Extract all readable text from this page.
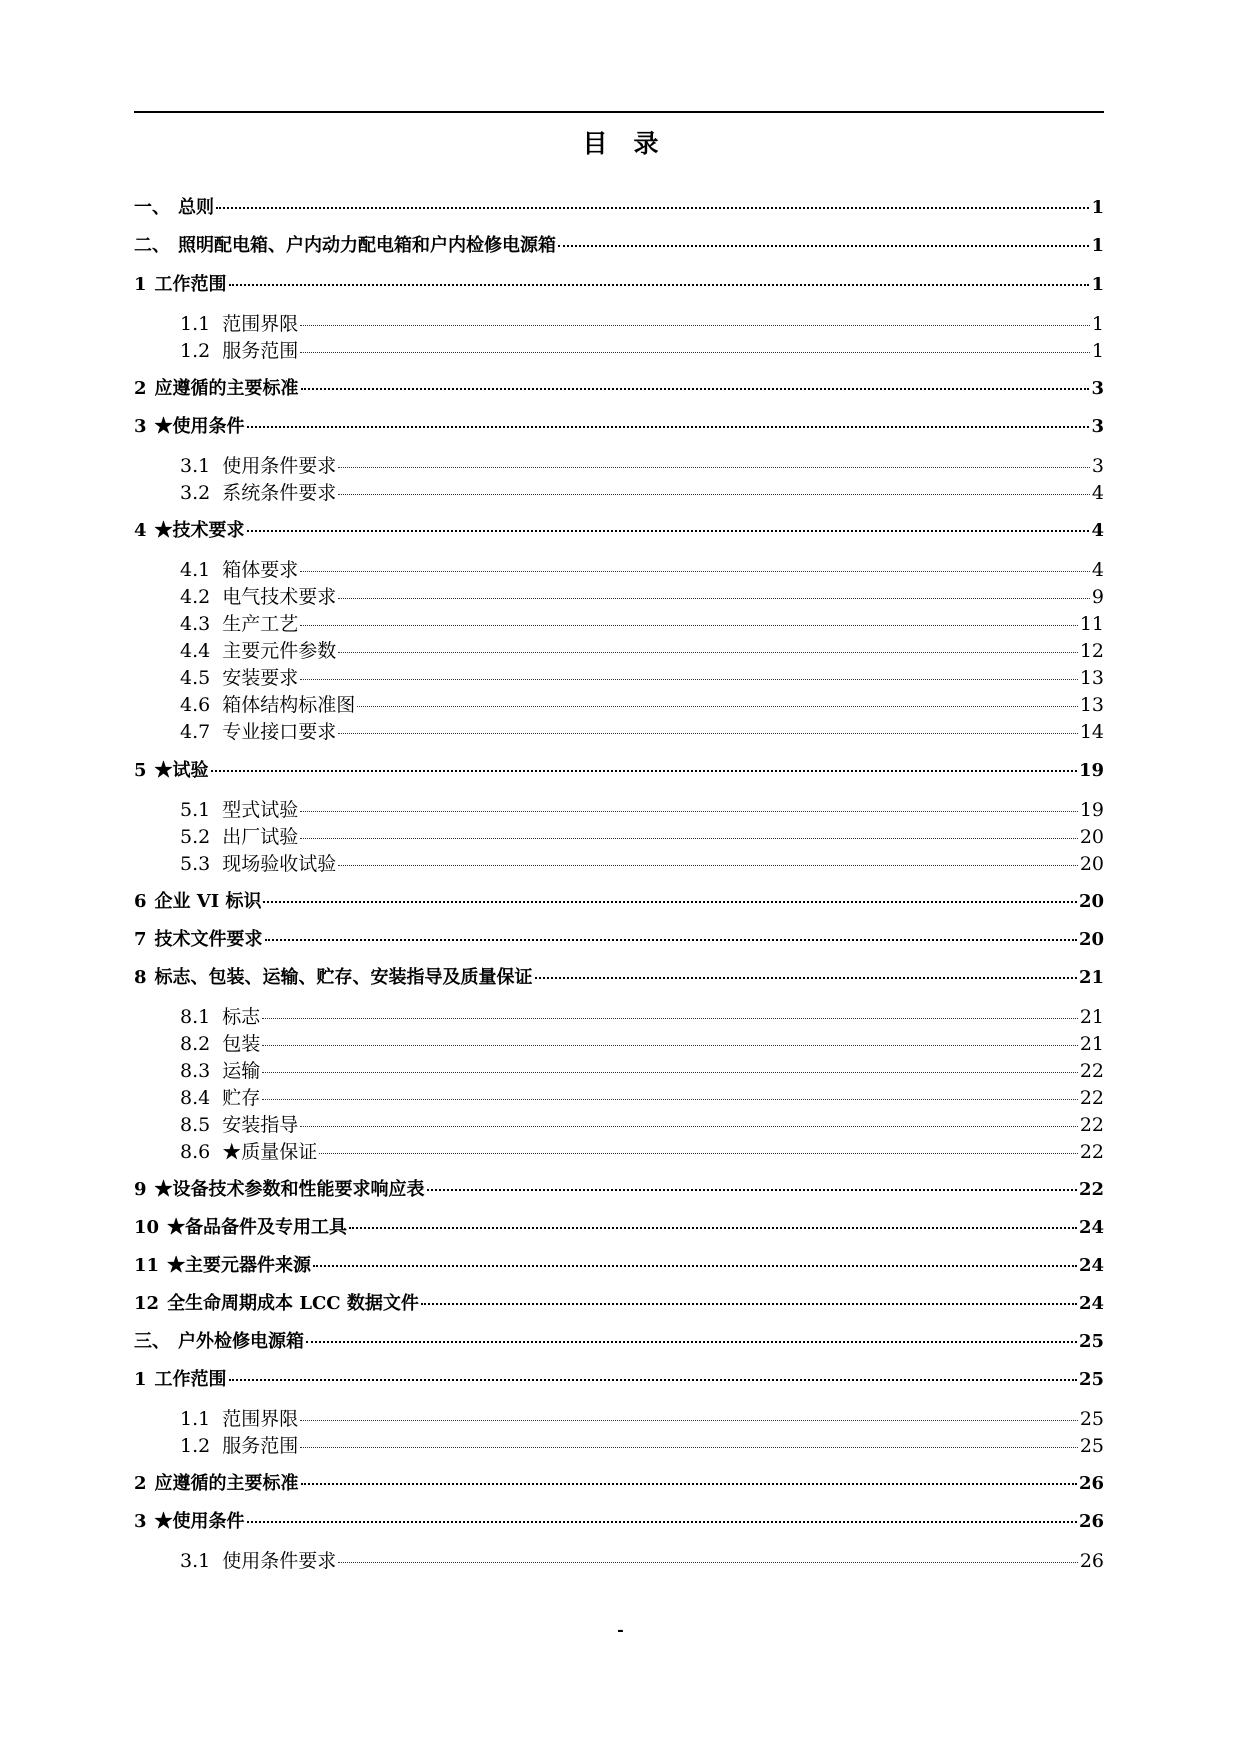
目录
一、 总则	1
二、 照明配电箱、户内动力配电箱和户内检修电源箱	1
1 工作范围	1
1.1 范围界限	1
1.2 服务范围	1
2 应遵循的主要标准	3
3 ★使用条件	3
3.1 使用条件要求	3
3.2 系统条件要求	4
4 ★技术要求	4
4.1 箱体要求	4
4.2 电气技术要求	9
4.3 生产工艺	11
4.4 主要元件参数	12
4.5 安装要求	13
4.6 箱体结构标准图	13
4.7 专业接口要求	14
5 ★试验	19
5.1 型式试验	19
5.2 出厂试验	20
5.3 现场验收试验	20
6 企业 VI 标识	20
7 技术文件要求	20
8 标志、包装、运输、贮存、安装指导及质量保证	21
8.1 标志	21
8.2 包装	21
8.3 运输	22
8.4 贮存	22
8.5 安装指导	22
8.6 ★质量保证	22
9 ★设备技术参数和性能要求响应表	22
10 ★备品备件及专用工具	24
11 ★主要元器件来源	24
12 全生命周期成本 LCC 数据文件	24
三、 户外检修电源箱	25
1 工作范围	25
1.1 范围界限	25
1.2 服务范围	25
2 应遵循的主要标准	26
3 ★使用条件	26
3.1 使用条件要求	26
-
